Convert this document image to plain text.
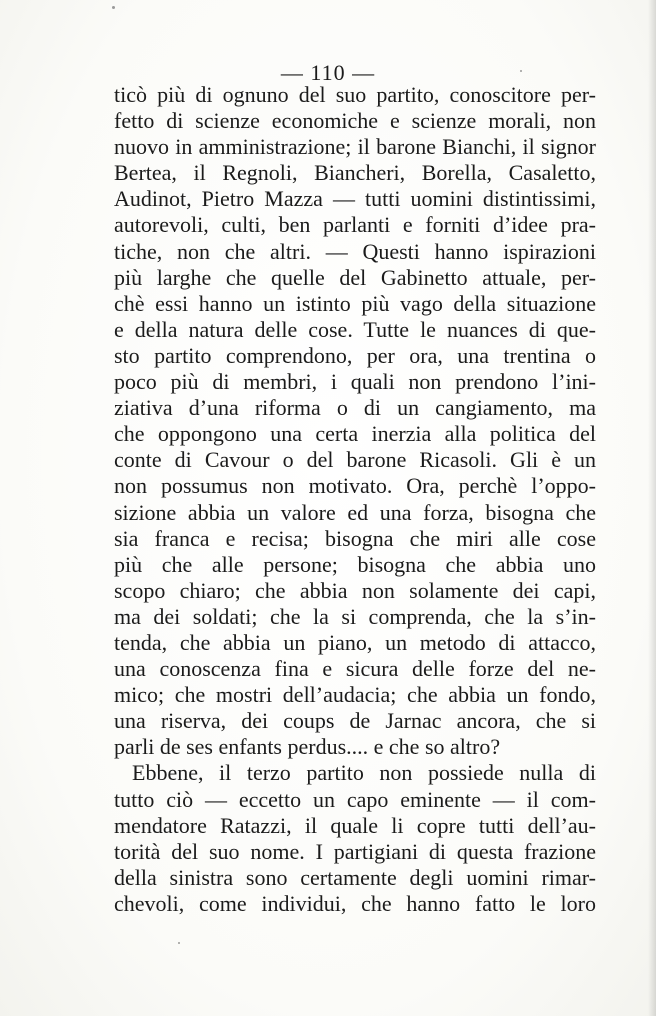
— 110 —
ticò più di ognuno del suo partito, conoscitore per-
fetto di scienze economiche e scienze morali, non
nuovo in amministrazione; il barone Bianchi, il signor
Bertea, il Regnoli, Biancheri, Borella, Casaletto,
Audinot, Pietro Mazza — tutti uomini distintissimi,
autorevoli, culti, ben parlanti e forniti d’idee pra-
tiche, non che altri. — Questi hanno ispirazioni
più larghe che quelle del Gabinetto attuale, per-
chè essi hanno un istinto più vago della situazione
e della natura delle cose. Tutte le nuances di que-
sto partito comprendono, per ora, una trentina o
poco più di membri, i quali non prendono l’ini-
ziativa d’una riforma o di un cangiamento, ma
che oppongono una certa inerzia alla politica del
conte di Cavour o del barone Ricasoli. Gli è un
non possumus non motivato. Ora, perchè l’oppo-
sizione abbia un valore ed una forza, bisogna che
sia franca e recisa; bisogna che miri alle cose
più che alle persone; bisogna che abbia uno
scopo chiaro; che abbia non solamente dei capi,
ma dei soldati; che la si comprenda, che la s’in-
tenda, che abbia un piano, un metodo di attacco,
una conoscenza fina e sicura delle forze del ne-
mico; che mostri dell’audacia; che abbia un fondo,
una riserva, dei coups de Jarnac ancora, che si
parli de ses enfants perdus.... e che so altro?
Ebbene, il terzo partito non possiede nulla di
tutto ciò — eccetto un capo eminente — il com-
mendatore Ratazzi, il quale li copre tutti dell’au-
torità del suo nome. I partigiani di questa frazione
della sinistra sono certamente degli uomini rimar-
chevoli, come individui, che hanno fatto le loro
